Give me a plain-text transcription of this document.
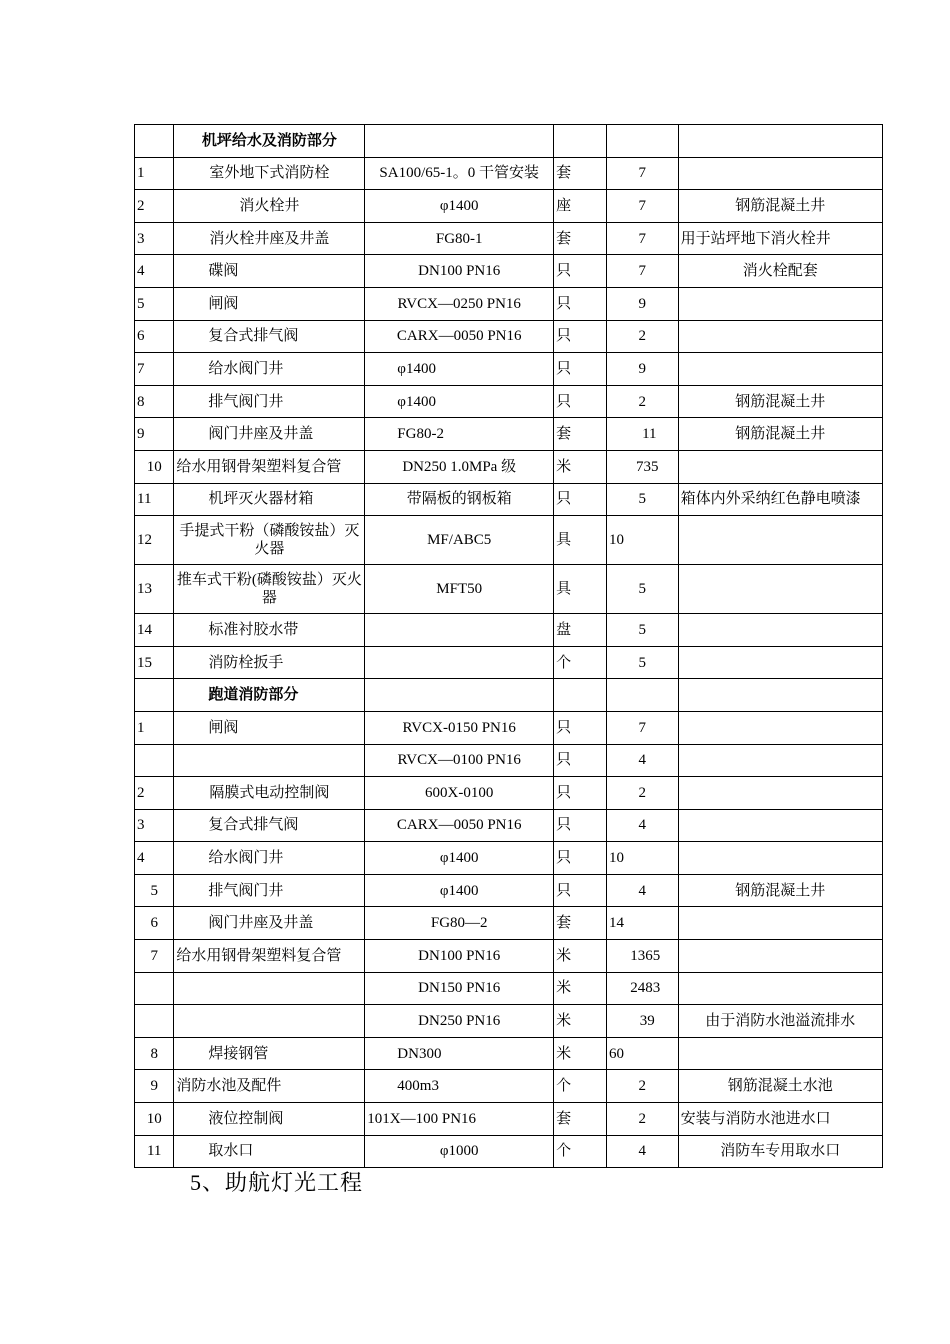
	机坪给水及消防部分				
1	室外地下式消防栓	SA100/65-1。0 干管安装	套	7	
2	消火栓井	φ1400	座	7	钢筋混凝土井
3	消火栓井座及井盖	FG80-1	套	7	用于站坪地下消火栓井
4	碟阀	DN100 PN16	只	7	消火栓配套
5	闸阀	RVCX—0250 PN16	只	9	
6	复合式排气阀	CARX—0050 PN16	只	2	
7	给水阀门井	φ1400	只	9	
8	排气阀门井	φ1400	只	2	钢筋混凝土井
9	阀门井座及井盖	FG80-2	套	11	钢筋混凝土井
10	给水用钢骨架塑料复合管	DN250 1.0MPa 级	米	735	
11	机坪灭火器材箱	带隔板的钢板箱	只	5	箱体内外采纳红色静电喷漆
12	手提式干粉（磷酸铵盐）灭火器	MF/ABC5	具	10	
13	推车式干粉(磷酸铵盐）灭火器	MFT50	具	5	
14	标准衬胶水带		盘	5	
15	消防栓扳手		个	5	
	跑道消防部分				
1	闸阀	RVCX-0150 PN16	只	7	
		RVCX—0100 PN16	只	4	
2	隔膜式电动控制阀	600X-0100	只	2	
3	复合式排气阀	CARX—0050 PN16	只	4	
4	给水阀门井	φ1400	只	10	
5	排气阀门井	φ1400	只	4	钢筋混凝土井
6	阀门井座及井盖	FG80—2	套	14	
7	给水用钢骨架塑料复合管	DN100 PN16	米	1365	
		DN150 PN16	米	2483	
		DN250 PN16	米	39	由于消防水池溢流排水
8	焊接钢管	DN300	米	60	
9	消防水池及配件	400m3	个	2	钢筋混凝土水池
10	液位控制阀	101X—100 PN16	套	2	安装与消防水池进水口
11	取水口	φ1000	个	4	消防车专用取水口
5、助航灯光工程
